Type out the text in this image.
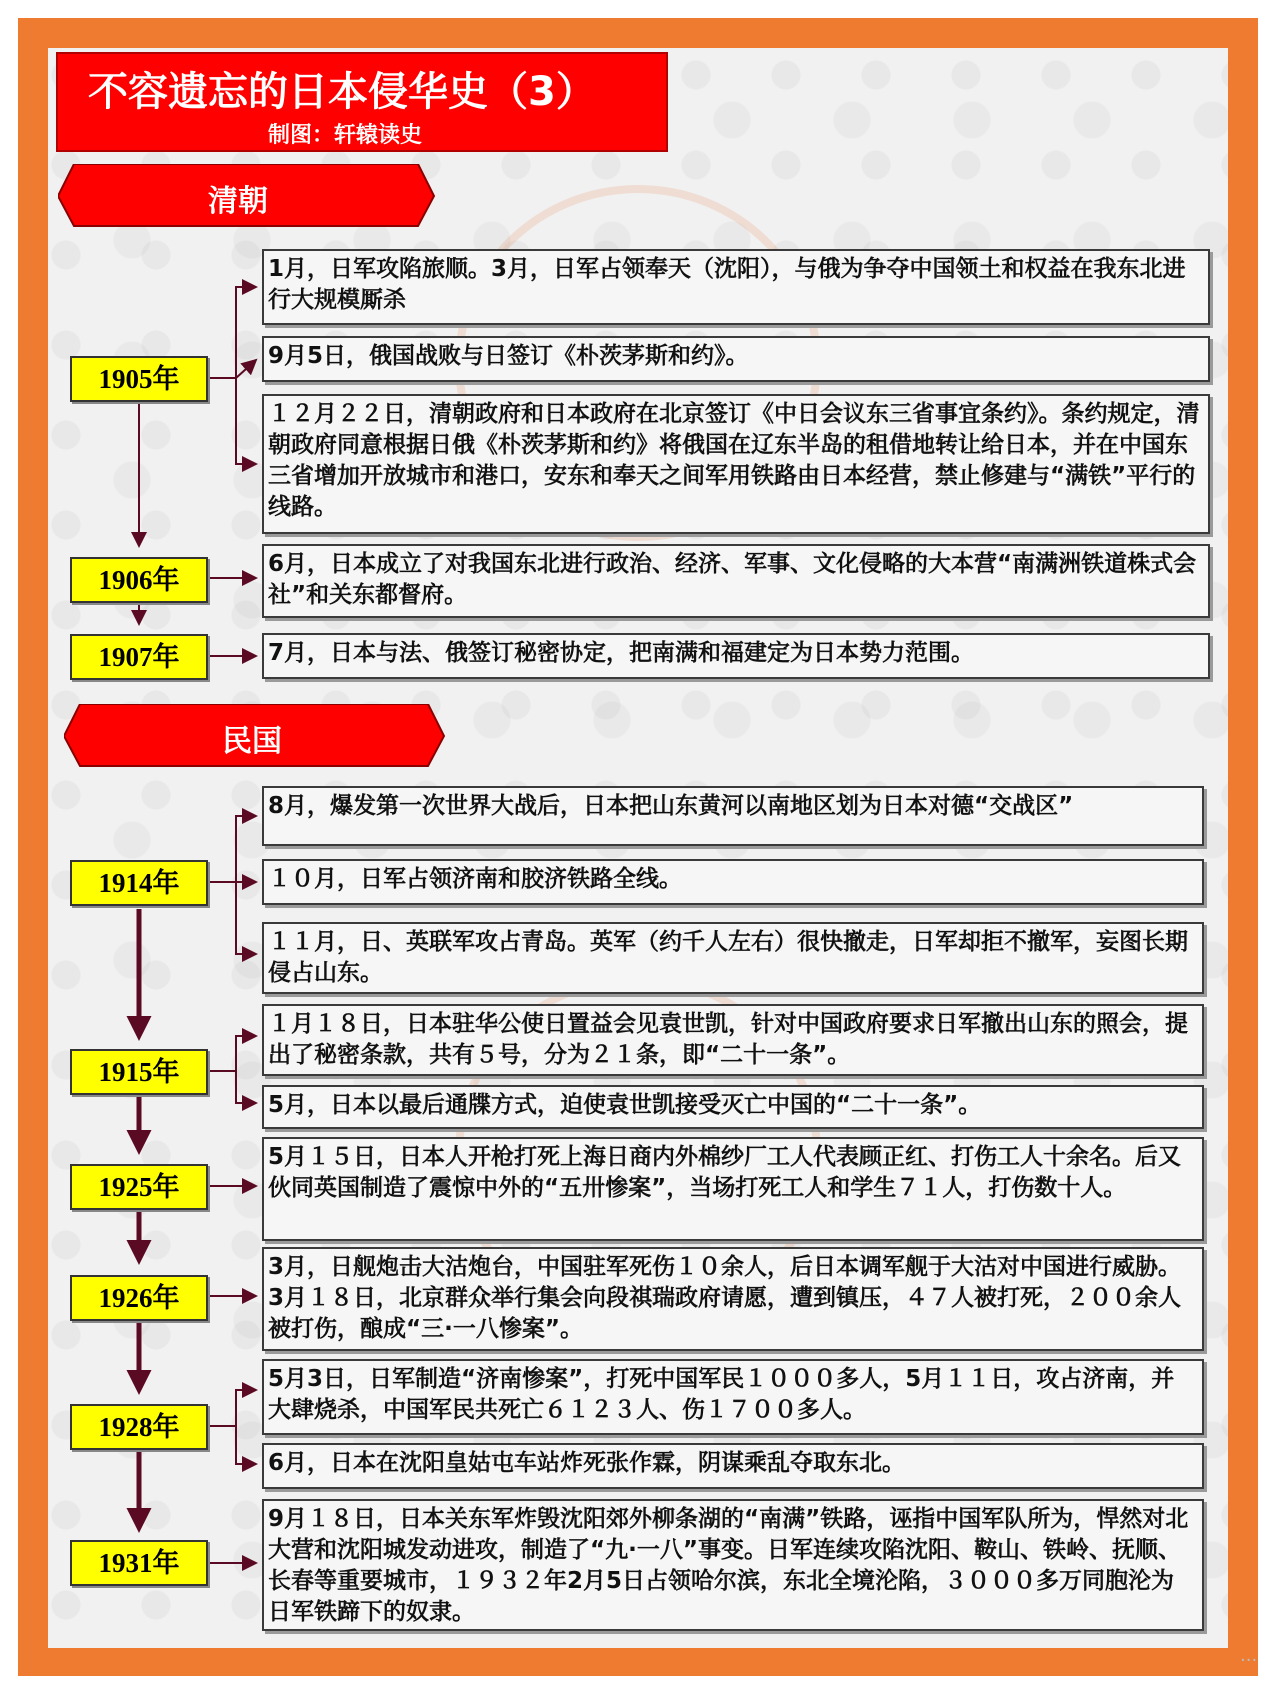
不容遗忘的日本侵华史（3）
制图：轩辕读史
清朝
民国
1905年
1906年
1907年
1914年
1915年
1925年
1926年
1928年
1931年
1月，日军攻陷旅顺。3月，日军占领奉天（沈阳），与俄为争夺中国领土和权益在我东北进行大规模厮杀
9月5日，俄国战败与日签订《朴茨茅斯和约》。
１２月２２日，清朝政府和日本政府在北京签订《中日会议东三省事宜条约》。条约规定，清朝政府同意根据日俄《朴茨茅斯和约》将俄国在辽东半岛的租借地转让给日本，并在中国东三省增加开放城市和港口，安东和奉天之间军用铁路由日本经营，禁止修建与“满铁”平行的线路。
6月，日本成立了对我国东北进行政治、经济、军事、文化侵略的大本营“南满洲铁道株式会社”和关东都督府。
7月，日本与法、俄签订秘密协定，把南满和福建定为日本势力范围。
8月，爆发第一次世界大战后，日本把山东黄河以南地区划为日本对德“交战区”
１０月，日军占领济南和胶济铁路全线。
１１月，日、英联军攻占青岛。英军（约千人左右）很快撤走，日军却拒不撤军，妄图长期侵占山东。
１月１８日，日本驻华公使日置益会见袁世凯，针对中国政府要求日军撤出山东的照会，提出了秘密条款，共有５号，分为２１条，即“二十一条”。
5月，日本以最后通牒方式，迫使袁世凯接受灭亡中国的“二十一条”。
5月１５日，日本人开枪打死上海日商内外棉纱厂工人代表顾正红、打伤工人十余名。后又伙同英国制造了震惊中外的“五卅惨案”，当场打死工人和学生７１人，打伤数十人。
3月，日舰炮击大沽炮台，中国驻军死伤１０余人，后日本调军舰于大沽对中国进行威胁。3月１８日，北京群众举行集会向段祺瑞政府请愿，遭到镇压，４７人被打死，２００余人被打伤，酿成“三·一八惨案”。
5月3日，日军制造“济南惨案”，打死中国军民１０００多人，5月１１日，攻占济南，并大肆烧杀，中国军民共死亡６１２３人、伤１７００多人。
6月，日本在沈阳皇姑屯车站炸死张作霖，阴谋乘乱夺取东北。
9月１８日，日本关东军炸毁沈阳郊外柳条湖的“南满”铁路，诬指中国军队所为，悍然对北大营和沈阳城发动进攻，制造了“九·一八”事变。日军连续攻陷沈阳、鞍山、铁岭、抚顺、长春等重要城市，１９３２年2月5日占领哈尔滨，东北全境沦陷，３０００多万同胞沦为日军铁蹄下的奴隶。
...
